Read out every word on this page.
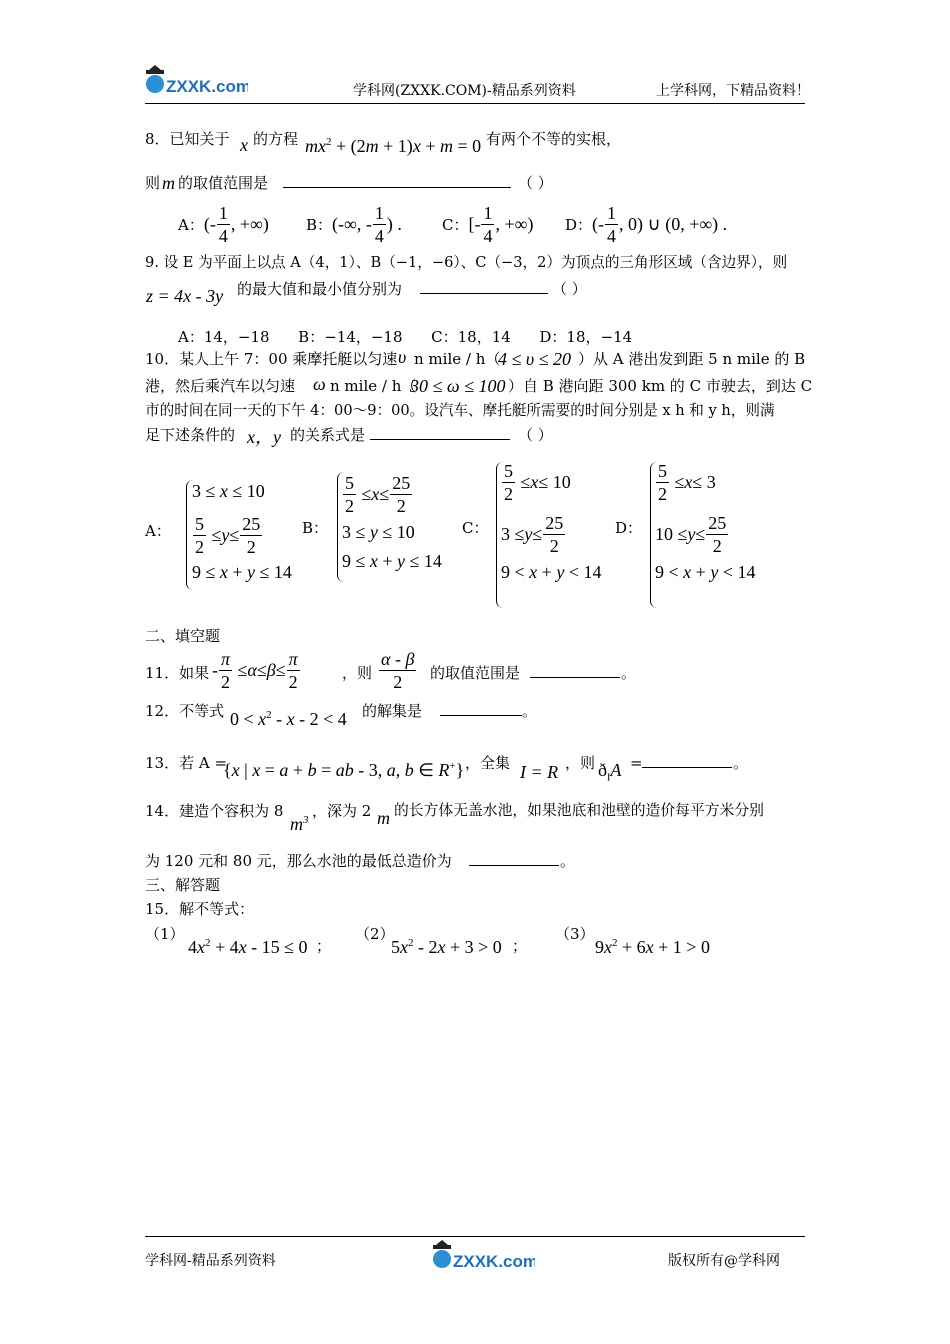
ZXXK.com	学科网(ZXXK.COM)-精品系列资料	上学科网，下精品资料！
8．已知关于 x 的方程 $mx^2 + (2m + 1)x + m = 0$ 有两个不等的实根，
则 m 的取值范围是	（ ）
A： (- $\frac{1}{4}$ , +∞) B： (-∞, - $\frac{1}{4}$ ) .	C： [- $\frac{1}{4}$ , +∞) D： (- $\frac{1}{4}$ , 0) ∪ (0, +∞) .
9. 设 E 为平面上以点 A（4，1）、B（−1，−6）、C（−3，2）为顶点的三角形区域（含边界），则
z = 4x - 3y 的最大值和最小值分别为	（ ）
A：14，−18      B：−14，−18      C：18，14      D：18，−14
10．某人上午 7：00 乘摩托艇以匀速 υ n mile / h（
4 ≤ υ ≤ 20 ）从 A 港出发到距 5 n mile 的 B
港，然后乘汽车以匀速 ω n mile / h（
30 ≤ ω ≤ 100 ）自 B 港向距 300 km 的 C 市驶去，到达 C
市的时间在同一天的下午 4：00～9：00。设汽车、摩托艇所需要的时间分别是 x h 和 y h，则满
足下述条件的 x，y 的关系式是	（ ）
A：
3 ≤ x ≤ 10
$\frac{5}{2} \le y \le \frac{25}{2}$
9 ≤ x + y ≤ 14
B：
$\frac{5}{2} \le x \le \frac{25}{2}$
3 ≤ y ≤ 10
9 ≤ x + y ≤ 14
C：
$\frac{5}{2} \le x \le 10$
$3 \le y \le \frac{25}{2}$
9 < x + y < 14
D：
$\frac{5}{2} \le x \le 3$
$10 \le y \le \frac{25}{2}$
9 < x + y < 14
二、填空题
11．如果 - $\frac{\pi}{2} \le \alpha \le \beta \le \frac{\pi}{2}$	，则 $\frac{\alpha - \beta}{2}$ 的取值范围是	。
12．不等式 $0 < x^2 - x - 2 < 4$ 的解集是	。
13．若 A =
{x | x = a + b = ab - 3, a, b ∈ R+} ，全集 I = R ，则 $ð_IA$ =	。
14．建造个容积为 8
$m^3$ ，深为 2 m 的长方体无盖水池，如果池底和池壁的造价每平方米分别
为 120 元和 80 元，那么水池的最低总造价为	。
三、解答题
15．解不等式：
（1）
$4x^2 + 4x - 15 \le 0$ ；
（2）
$5x^2 - 2x + 3 > 0$ ；
（3）
$9x^2 + 6x + 1 > 0$
学科网-精品系列资料	ZXXK.com	版权所有@学科网
